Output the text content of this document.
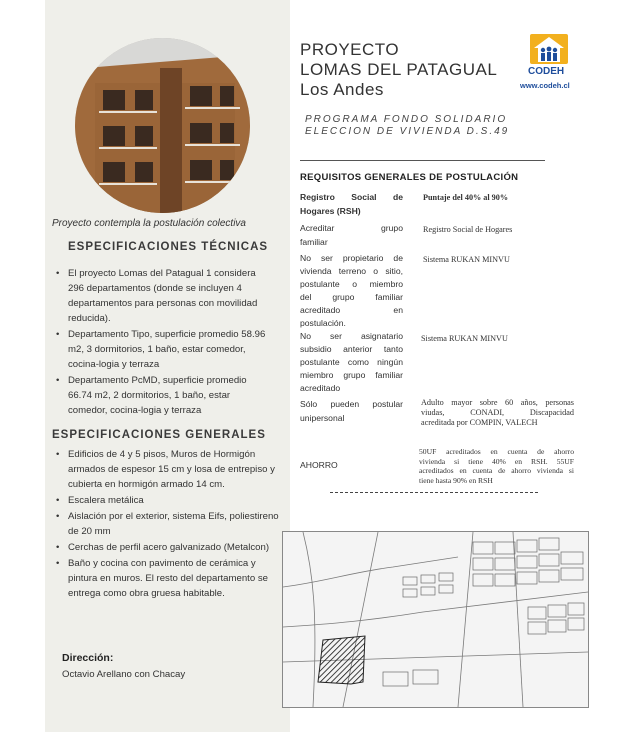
Proyecto contempla la postulación colectiva
ESPECIFICACIONES TÉCNICAS
• El proyecto Lomas del Patagual 1 considera 296 departamentos (donde se incluyen 4 departamentos para personas con movilidad reducida).
• Departamento Tipo, superficie promedio 58.96 m2, 3 dormitorios, 1 baño, estar comedor, cocina-logia y terraza
• Departamento PcMD, superficie promedio 66.74 m2, 2 dormitorios, 1 baño, estar comedor, cocina-logia y terraza
ESPECIFICACIONES GENERALES
• Edificios de 4 y 5 pisos, Muros de Hormigón armados de espesor 15 cm y losa de entrepiso y cubierta en hormigón armado 14 cm.
• Escalera metálica
• Aislación por el exterior, sistema Eifs, poliestireno de 20 mm
• Cerchas de perfil acero galvanizado (Metalcon)
• Baño y cocina con pavimento de cerámica y pintura en muros. El resto del departamento se entrega como obra gruesa habitable.
Dirección:
Octavio Arellano con Chacay
PROYECTO
LOMAS DEL PATAGUAL
Los Andes
PROGRAMA FONDO SOLIDARIO
ELECCION DE VIVIENDA D.S.49
CODEH
www.codeh.cl
REQUISITOS GENERALES DE POSTULACIÓN
Registro Social de
Hogares (RSH)
Puntaje del 40% al 90%
Acreditar grupo
familiar
Registro Social de Hogares
No ser propietario de
vivienda terreno o sitio,
postulante o miembro
del grupo familiar
acreditado en
postulación.
Sistema RUKAN MINVU
No ser asignatario
subsidio anterior tanto
postulante como ningún
miembro grupo familiar
acreditado
Sistema RUKAN MINVU
Sólo pueden postular
unipersonal
Adulto mayor sobre 60 años, personas
viudas, CONADI, Discapacidad
acreditada por COMPIN, VALECH
AHORRO
50UF acreditados en cuenta de ahorro
vivienda si tiene 40% en RSH. 55UF
acreditados en cuenta de ahorro vivienda si
tiene hasta 90% en RSH
